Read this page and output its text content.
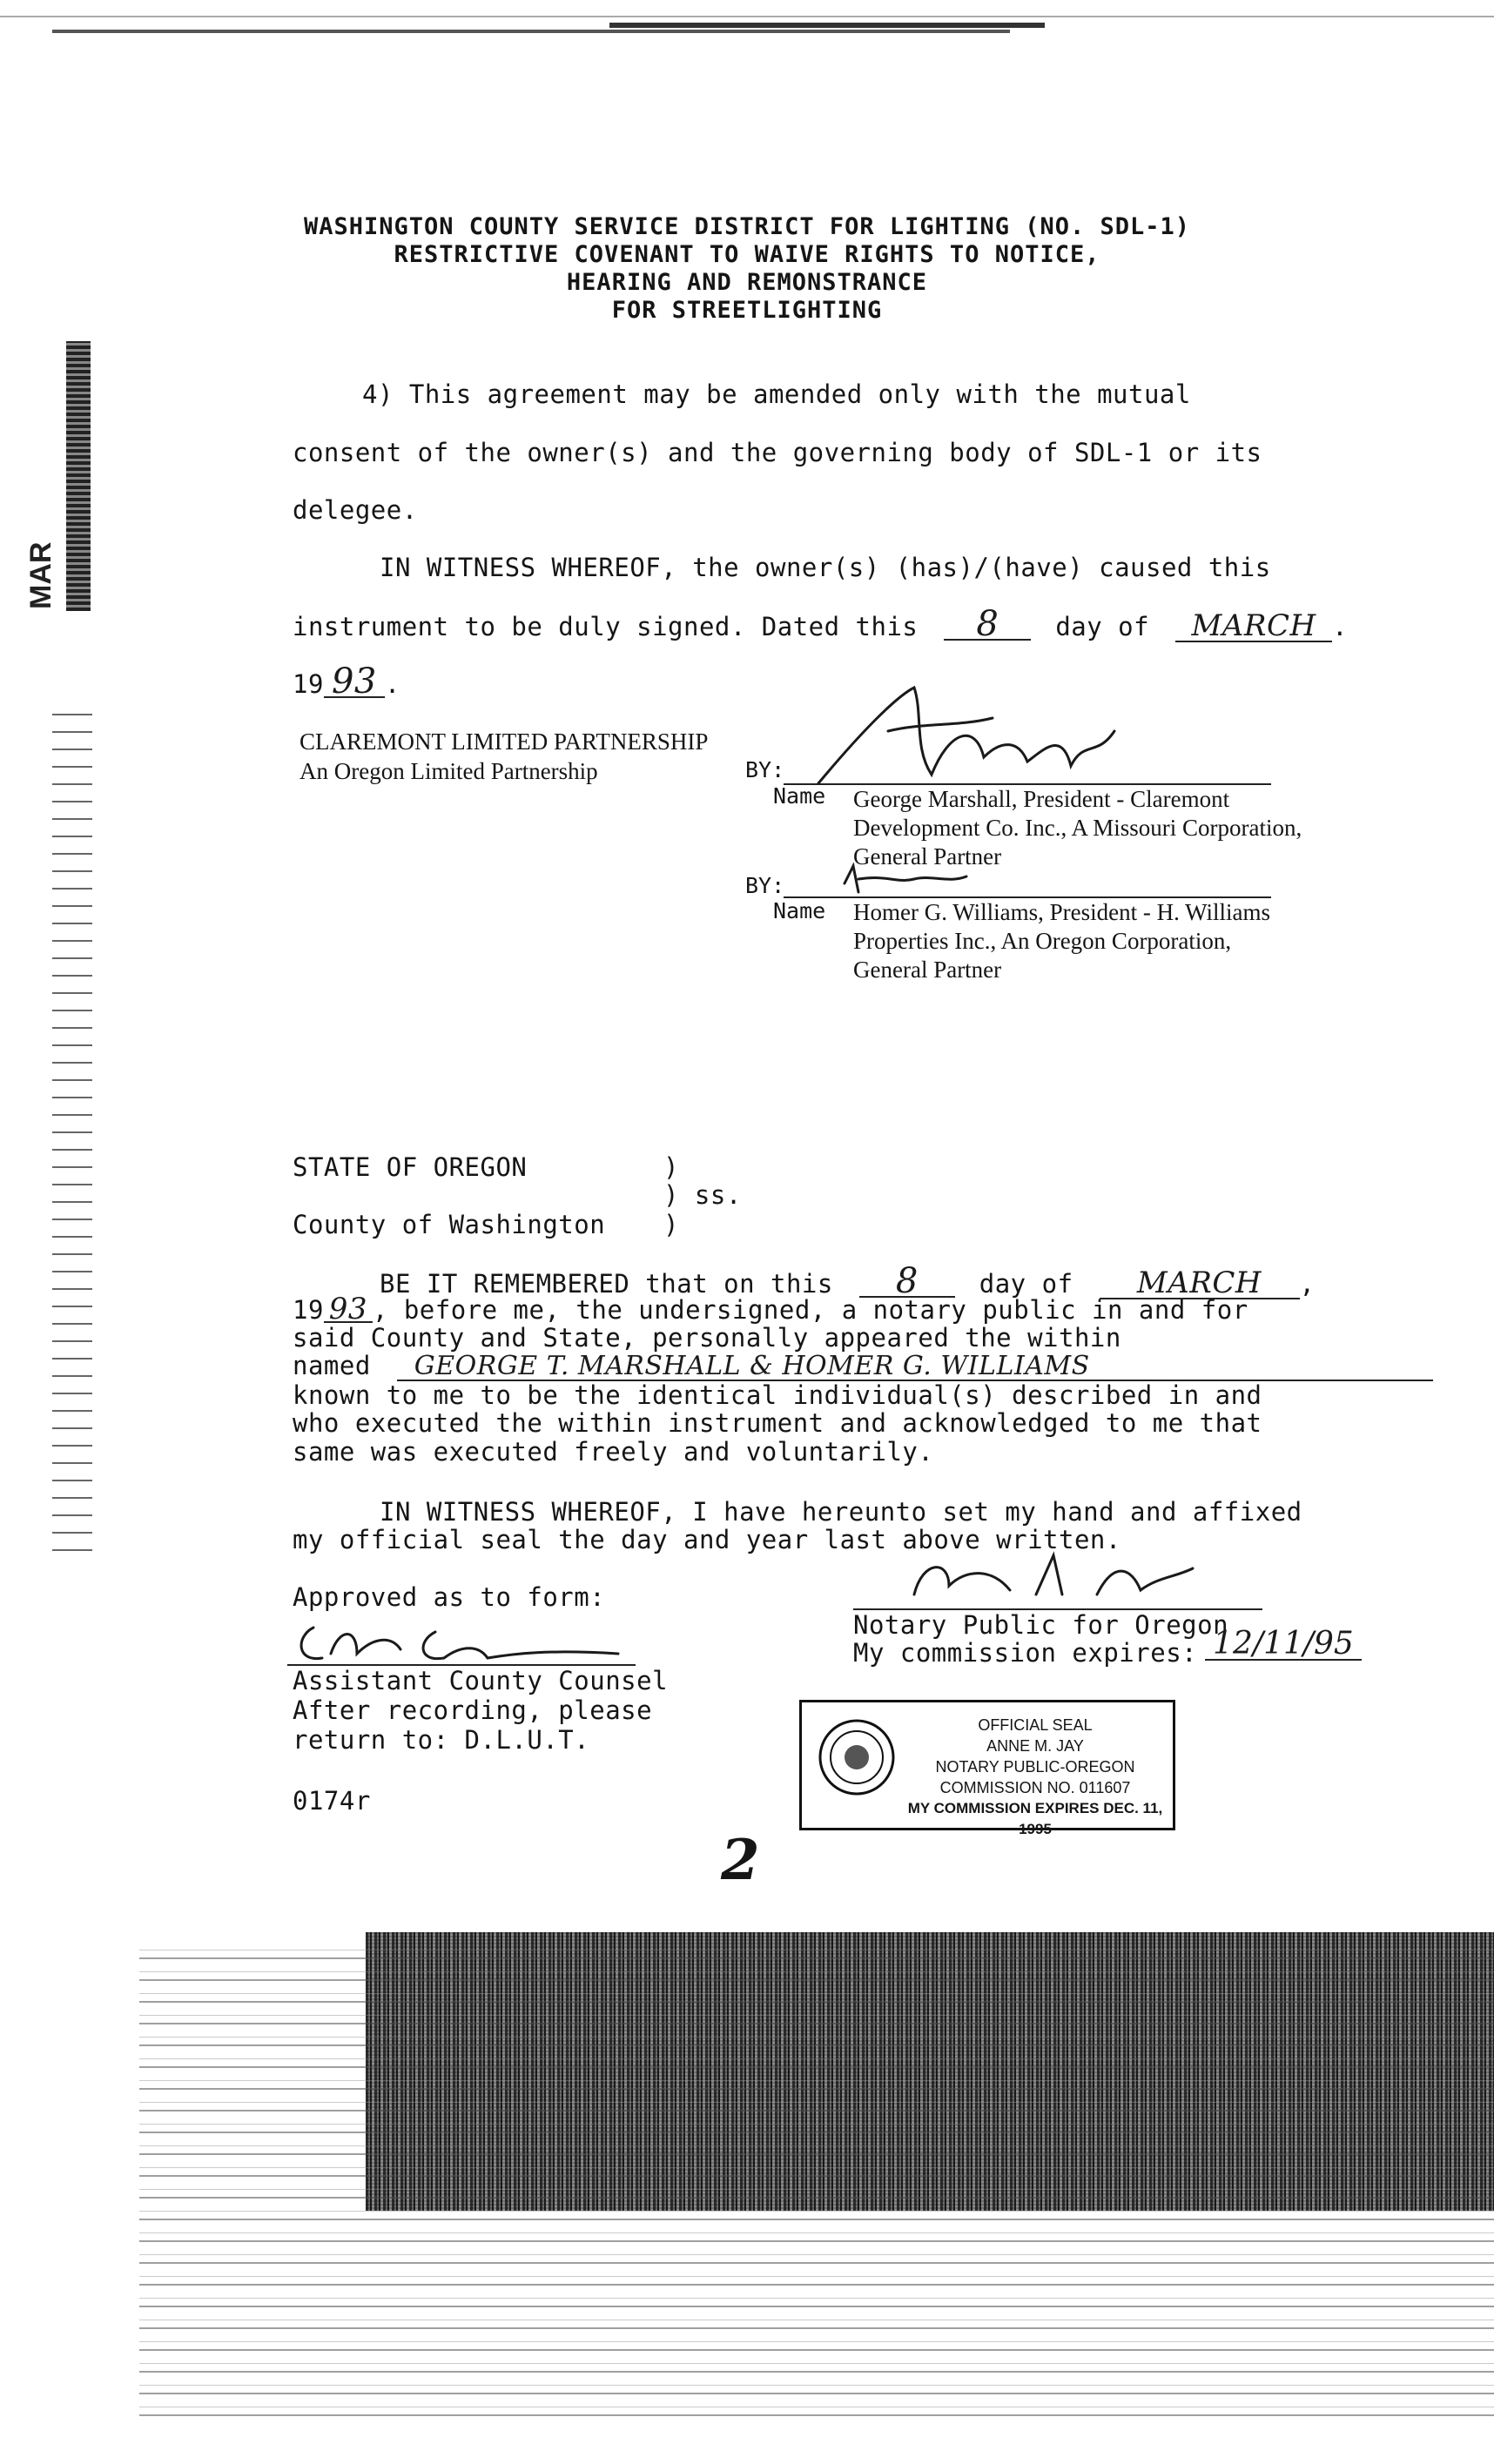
MAR
WASHINGTON COUNTY SERVICE DISTRICT FOR LIGHTING (NO. SDL-1)
RESTRICTIVE COVENANT TO WAIVE RIGHTS TO NOTICE,
HEARING AND REMONSTRANCE
FOR STREETLIGHTING
4) This agreement may be amended only with the mutual
consent of the owner(s) and the governing body of SDL-1 or its
delegee.
IN WITNESS WHEREOF, the owner(s) (has)/(have) caused this
instrument to be duly signed. Dated this 8 day of MARCH .
19 93 .
CLAREMONT LIMITED PARTNERSHIP
An Oregon Limited Partnership	BY:
Name George Marshall, President - Claremont
Development Co. Inc., A Missouri Corporation,
General Partner
BY:
Name Homer G. Williams, President - H. Williams
Properties Inc., An Oregon Corporation,
General Partner
STATE OF OREGON	)
) ss.
County of Washington )
BE IT REMEMBERED that on this 8 day of MARCH ,
19 93 , before me, the undersigned, a notary public in and for
said County and State, personally appeared the within
named GEORGE T. MARSHALL & HOMER G. WILLIAMS
known to me to be the identical individual(s) described in and
who executed the within instrument and acknowledged to me that
same was executed freely and voluntarily.
IN WITNESS WHEREOF, I have hereunto set my hand and affixed
my official seal the day and year last above written.
Notary Public for Oregon
My commission expires: 12/11/95
Approved as to form:
Assistant County Counsel
After recording, please
return to: D.L.U.T.
0174r
OFFICIAL SEAL
ANNE M. JAY
NOTARY PUBLIC-OREGON
COMMISSION NO. 011607
MY COMMISSION EXPIRES DEC. 11, 1995
2
